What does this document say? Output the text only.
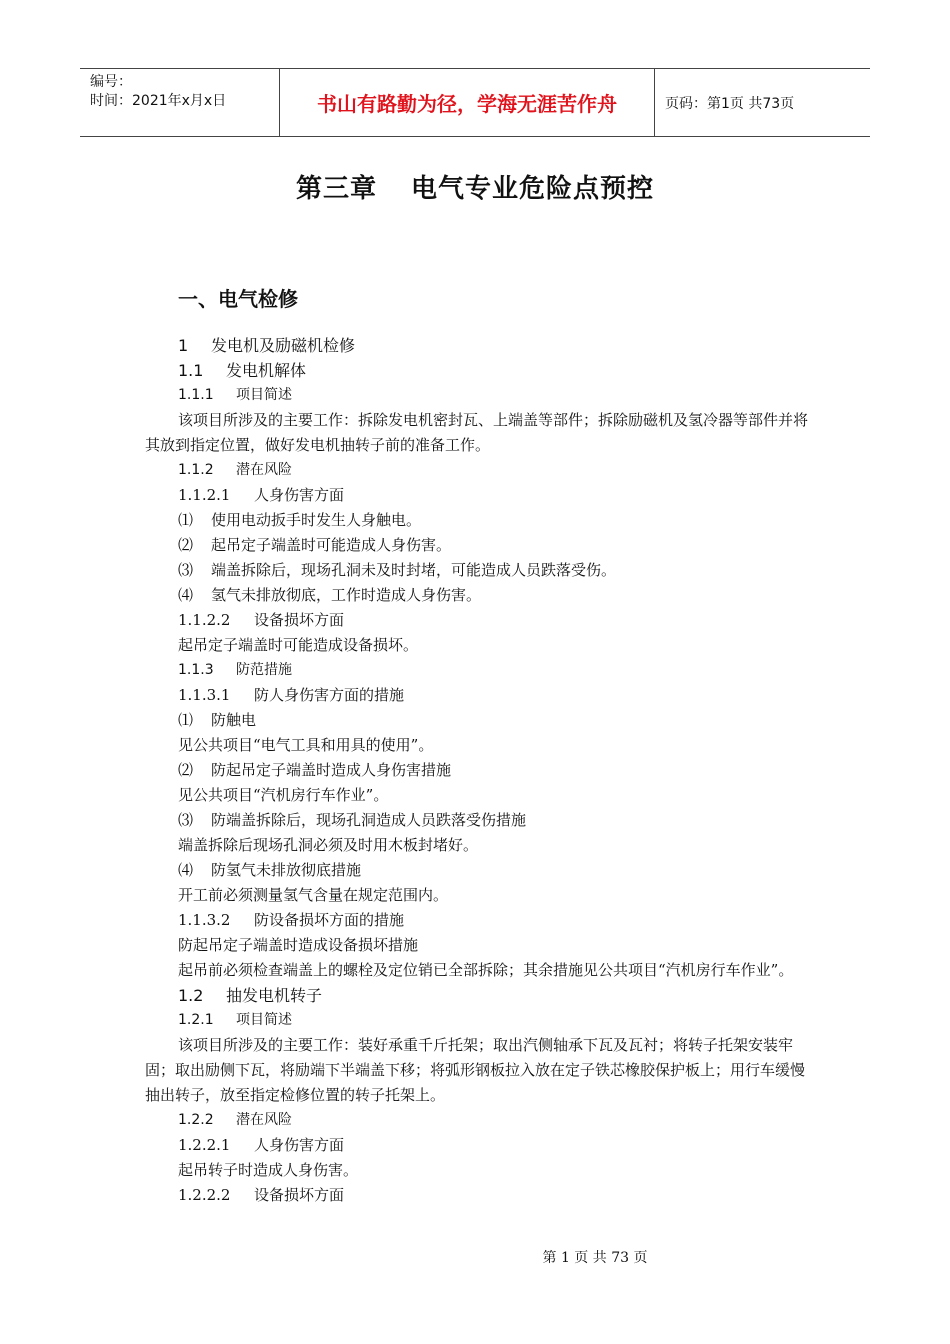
编号：
时间：2021年x月x日	书山有路勤为径，学海无涯苦作舟	页码：第1页 共73页
第三章 电气专业危险点预控
一、电气检修
1 发电机及励磁机检修
1.1 发电机解体
1.1.1 项目简述
该项目所涉及的主要工作：拆除发电机密封瓦、上端盖等部件；拆除励磁机及氢冷器等部件并将其放到指定位置，做好发电机抽转子前的准备工作。
1.1.2 潜在风险
1.1.2.1 人身伤害方面
⑴ 使用电动扳手时发生人身触电。
⑵ 起吊定子端盖时可能造成人身伤害。
⑶ 端盖拆除后，现场孔洞未及时封堵，可能造成人员跌落受伤。
⑷ 氢气未排放彻底，工作时造成人身伤害。
1.1.2.2 设备损坏方面
起吊定子端盖时可能造成设备损坏。
1.1.3 防范措施
1.1.3.1 防人身伤害方面的措施
⑴ 防触电
见公共项目“电气工具和用具的使用”。
⑵ 防起吊定子端盖时造成人身伤害措施
见公共项目“汽机房行车作业”。
⑶ 防端盖拆除后，现场孔洞造成人员跌落受伤措施
端盖拆除后现场孔洞必须及时用木板封堵好。
⑷ 防氢气未排放彻底措施
开工前必须测量氢气含量在规定范围内。
1.1.3.2 防设备损坏方面的措施
防起吊定子端盖时造成设备损坏措施
起吊前必须检查端盖上的螺栓及定位销已全部拆除；其余措施见公共项目“汽机房行车作业”。
1.2 抽发电机转子
1.2.1 项目简述
该项目所涉及的主要工作：装好承重千斤托架；取出汽侧轴承下瓦及瓦衬；将转子托架安装牢固；取出励侧下瓦，将励端下半端盖下移；将弧形钢板拉入放在定子铁芯橡胶保护板上；用行车缓慢抽出转子，放至指定检修位置的转子托架上。
1.2.2 潜在风险
1.2.2.1 人身伤害方面
起吊转子时造成人身伤害。
1.2.2.2 设备损坏方面
第 1 页 共 73 页
